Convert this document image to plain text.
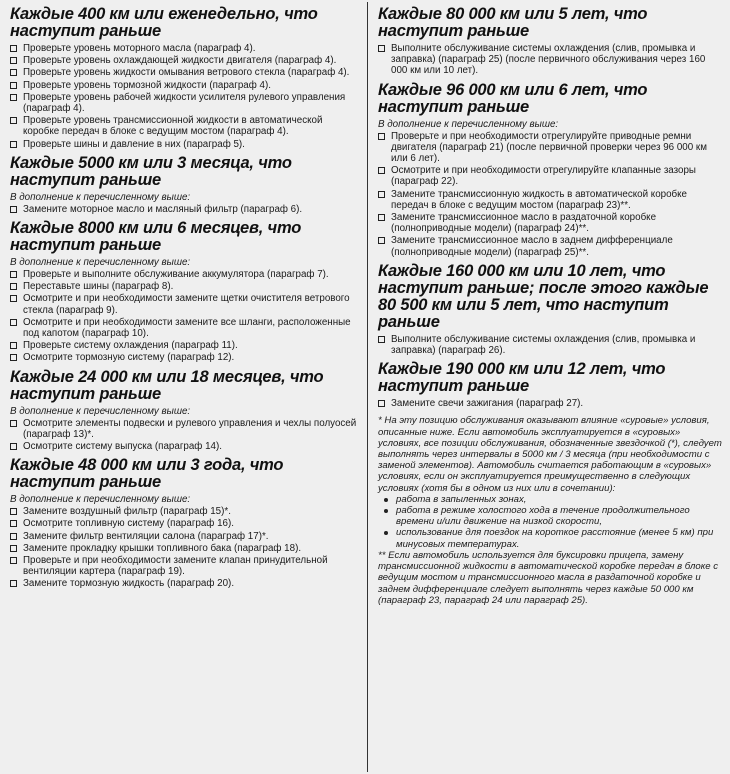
Каждые 400 км или еженедельно, что наступит раньше
Проверьте уровень моторного масла (параграф 4).
Проверьте уровень охлаждающей жидкости двигателя (параграф 4).
Проверьте уровень жидкости омывания ветрового стекла (параграф 4).
Проверьте уровень тормозной жидкости (параграф 4).
Проверьте уровень рабочей жидкости усилителя рулевого управления (параграф 4).
Проверьте уровень трансмиссионной жидкости в автоматической коробке передач в блоке с ведущим мостом (параграф 4).
Проверьте шины и давление в них (параграф 5).
Каждые 5000 км или 3 месяца, что наступит раньше

В дополнение к перечисленному выше:

Замените моторное масло и масляный фильтр (параграф 6).
Каждые 8000 км или 6 месяцев, что наступит раньше

В дополнение к перечисленному выше:

Проверьте и выполните обслуживание аккумулятора (параграф 7).
Переставьте шины (параграф 8).
Осмотрите и при необходимости замените щетки очистителя ветрового стекла (параграф 9).
Осмотрите и при необходимости замените все шланги, расположенные под капотом (параграф 10).
Проверьте систему охлаждения (параграф 11).
Осмотрите тормозную систему (параграф 12).
Каждые 24 000 км или 18 месяцев, что наступит раньше

В дополнение к перечисленному выше:

Осмотрите элементы подвески и рулевого управления и чехлы полуосей (параграф 13)*.
Осмотрите систему выпуска (параграф 14).
Каждые 48 000 км или 3 года, что наступит раньше

В дополнение к перечисленному выше:

Замените воздушный фильтр (параграф 15)*.
Осмотрите топливную систему (параграф 16).
Замените фильтр вентиляции салона (параграф 17)*.
Замените прокладку крышки топливного бака (параграф 18).
Проверьте и при необходимости замените клапан принудительной вентиляции картера (параграф 19).
Замените тормозную жидкость (параграф 20).
Каждые 80 000 км или 5 лет, что наступит раньше
Выполните обслуживание системы охлаждения (слив, промывка и заправка) (параграф 25) (после первичного обслуживания через 160 000 км или 10 лет).
Каждые 96 000 км или 6 лет, что наступит раньше

В дополнение к перечисленному выше:

Проверьте и при необходимости отрегулируйте приводные ремни двигателя (параграф 21) (после первичной проверки через 96 000 км или 6 лет).
Осмотрите и при необходимости отрегулируйте клапанные зазоры (параграф 22).
Замените трансмиссионную жидкость в автоматической коробке передач в блоке с ведущим мостом (параграф 23)**.
Замените трансмиссионное масло в раздаточной коробке (полноприводные модели) (параграф 24)**.
Замените трансмиссионное масло в заднем дифференциале (полноприводные модели) (параграф 25)**.
Каждые 160 000 км или 10 лет, что наступит раньше; после этого каждые 80 500 км или 5 лет, что наступит раньше
Выполните обслуживание системы охлаждения (слив, промывка и заправка) (параграф 26).
Каждые 190 000 км или 12 лет, что наступит раньше
Замените свечи зажигания (параграф 27).

* На эту позицию обслуживания оказывают влияние «суровые» условия, описанные ниже. Если автомобиль эксплуатируется в «суровых» условиях, все позиции обслуживания, обозначенные звездочкой (*), следует выполнять через интервалы в 5000 км / 3 месяца (при необходимости с заменой элементов). Автомобиль считается работающим в «суровых» условиях, если он эксплуатируется преимущественно в следующих условиях (хотя бы в одном из них или в сочетании):

работа в запыленных зонах,
работа в режиме холостого хода в течение продолжительного времени и/или движение на низкой скорости,
использование для поездок на короткое расстояние (менее 5 км) при минусовых температурах.

** Если автомобиль используется для буксировки прицепа, замену трансмиссионной жидкости в автоматической коробке передач в блоке с ведущим мостом и трансмиссионного масла в раздаточной коробке и заднем дифференциале следует выполнять через каждые 50 000 км (параграф 23, параграф 24 или параграф 25).
